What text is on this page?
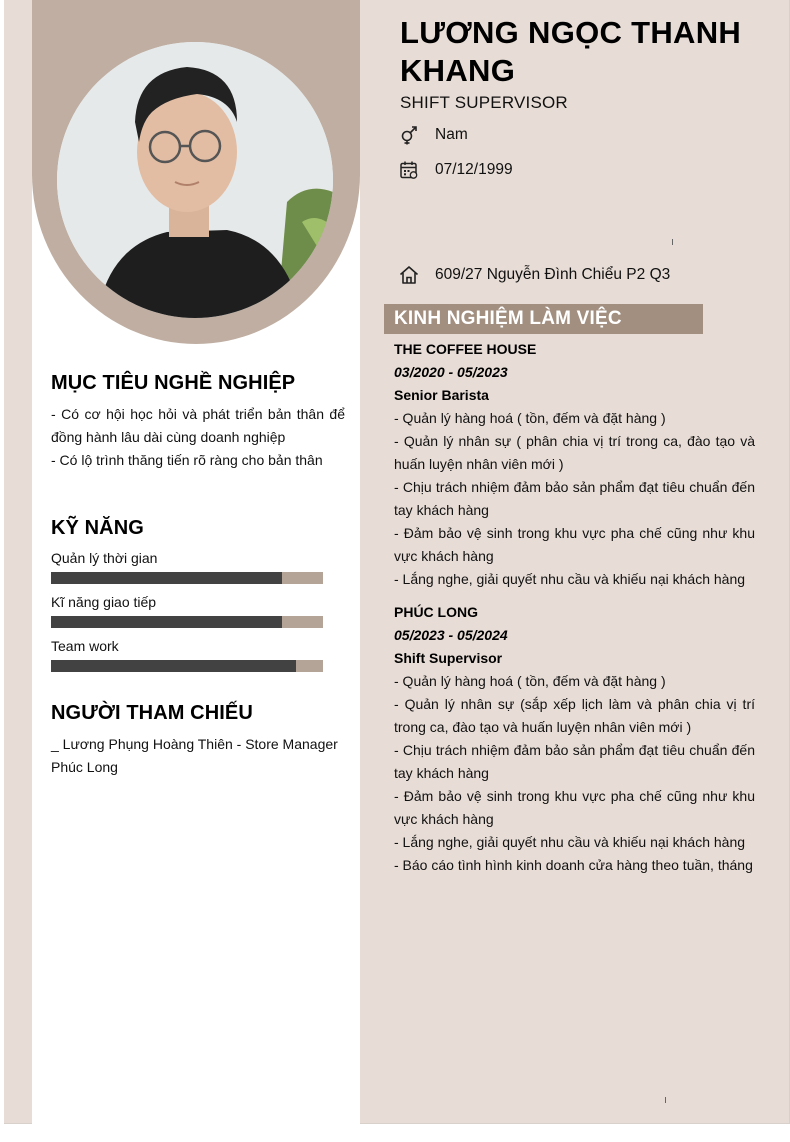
MỤC TIÊU NGHỀ NGHIỆP

- Có cơ hội học hỏi và phát triển bản thân để đồng hành lâu dài cùng doanh nghiệp

- Có lộ trình thăng tiến rõ ràng cho bản thân

KỸ NĂNG
Quản lý thời gian
Kĩ năng giao tiếp
Team work
NGƯỜI THAM CHIẾU

_ Lương Phụng Hoàng Thiên - Store Manager Phúc Long

LƯƠNG NGỌC THANH KHANG
SHIFT SUPERVISOR
Nam
07/12/1999
609/27 Nguyễn Đình Chiểu P2 Q3
KINH NGHIỆM LÀM VIỆC
THE COFFEE HOUSE
03/2020 - 05/2023
Senior Barista

- Quản lý hàng hoá ( tồn, đếm và đặt hàng )

- Quản lý nhân sự ( phân chia vị trí trong ca, đào tạo và huấn luyện nhân viên mới )

- Chịu trách nhiệm đảm bảo sản phẩm đạt tiêu chuẩn đến tay khách hàng

- Đảm bảo vệ sinh trong khu vực pha chế cũng như khu vực khách hàng

- Lắng nghe, giải quyết nhu cầu và khiếu nại khách hàng

PHÚC LONG
05/2023 - 05/2024
Shift Supervisor

- Quản lý hàng hoá ( tồn, đếm và đặt hàng )

- Quản lý nhân sự (sắp xếp lịch làm và phân chia vị trí trong ca, đào tạo và huấn luyện nhân viên mới )

- Chịu trách nhiệm đảm bảo sản phẩm đạt tiêu chuẩn đến tay khách hàng

- Đảm bảo vệ sinh trong khu vực pha chế cũng như khu vực khách hàng

- Lắng nghe, giải quyết nhu cầu và khiếu nại khách hàng

- Báo cáo tình hình kinh doanh cửa hàng theo tuần, tháng
